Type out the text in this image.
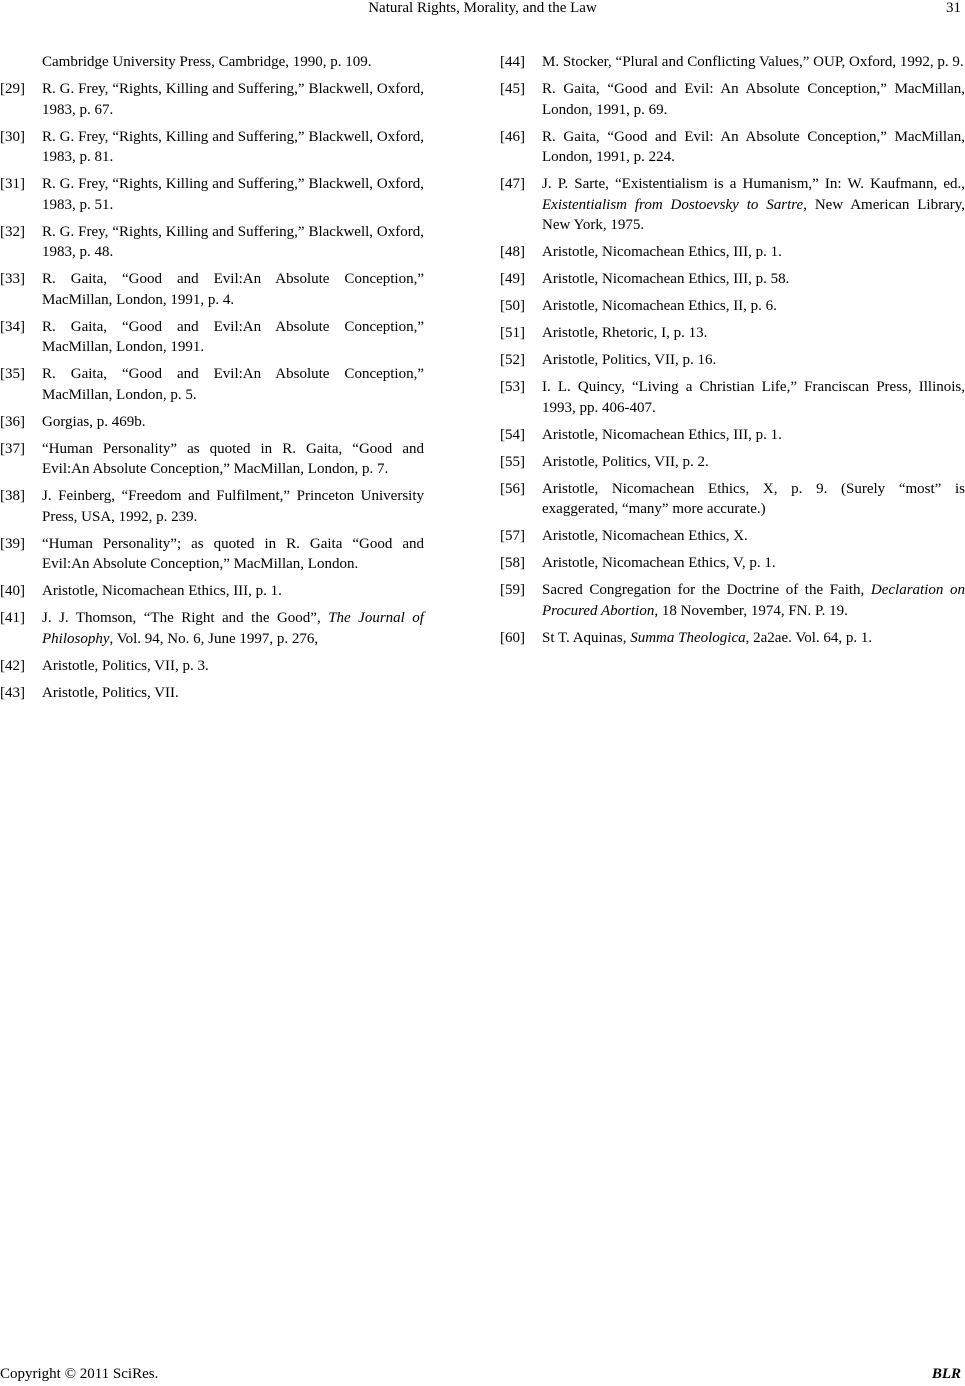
Natural Rights, Morality, and the Law	31
Cambridge University Press, Cambridge, 1990, p. 109.
[29]	R. G. Frey, “Rights, Killing and Suffering,” Blackwell, Oxford, 1983, p. 67.
[30]	R. G. Frey, “Rights, Killing and Suffering,” Blackwell, Oxford, 1983, p. 81.
[31]	R. G. Frey, “Rights, Killing and Suffering,” Blackwell, Oxford, 1983, p. 51.
[32]	R. G. Frey, “Rights, Killing and Suffering,” Blackwell, Oxford, 1983, p. 48.
[33]	R. Gaita, “Good and Evil:An Absolute Conception,” MacMillan, London, 1991, p. 4.
[34]	R. Gaita, “Good and Evil:An Absolute Conception,” MacMillan, London, 1991.
[35]	R. Gaita, “Good and Evil:An Absolute Conception,” MacMillan, London, p. 5.
[36]	Gorgias, p. 469b.
[37]	“Human Personality” as quoted in R. Gaita, “Good and Evil:An Absolute Conception,” MacMillan, London, p. 7.
[38]	J. Feinberg, “Freedom and Fulfilment,” Princeton University Press, USA, 1992, p. 239.
[39]	“Human Personality”; as quoted in R. Gaita “Good and Evil:An Absolute Conception,” MacMillan, London.
[40]	Aristotle, Nicomachean Ethics, III, p. 1.
[41]	J. J. Thomson, “The Right and the Good”, The Journal of Philosophy, Vol. 94, No. 6, June 1997, p. 276,
[42]	Aristotle, Politics, VII, p. 3.
[43]	Aristotle, Politics, VII.
[44]	M. Stocker, “Plural and Conflicting Values,” OUP, Oxford, 1992, p. 9.
[45]	R. Gaita, “Good and Evil: An Absolute Conception,” MacMillan, London, 1991, p. 69.
[46]	R. Gaita, “Good and Evil: An Absolute Conception,” MacMillan, London, 1991, p. 224.
[47]	J. P. Sarte, “Existentialism is a Humanism,” In: W. Kaufmann, ed., Existentialism from Dostoevsky to Sartre, New American Library, New York, 1975.
[48]	Aristotle, Nicomachean Ethics, III, p. 1.
[49]	Aristotle, Nicomachean Ethics, III, p. 58.
[50]	Aristotle, Nicomachean Ethics, II, p. 6.
[51]	Aristotle, Rhetoric, I, p. 13.
[52]	Aristotle, Politics, VII, p. 16.
[53]	I. L. Quincy, “Living a Christian Life,” Franciscan Press, Illinois, 1993, pp. 406-407.
[54]	Aristotle, Nicomachean Ethics, III, p. 1.
[55]	Aristotle, Politics, VII, p. 2.
[56]	Aristotle, Nicomachean Ethics, X, p. 9. (Surely “most” is exaggerated, “many” more accurate.)
[57]	Aristotle, Nicomachean Ethics, X.
[58]	Aristotle, Nicomachean Ethics, V, p. 1.
[59]	Sacred Congregation for the Doctrine of the Faith, Declaration on Procured Abortion, 18 November, 1974, FN. P. 19.
[60]	St T. Aquinas, Summa Theologica, 2a2ae. Vol. 64, p. 1.
Copyright © 2011 SciRes.	BLR
